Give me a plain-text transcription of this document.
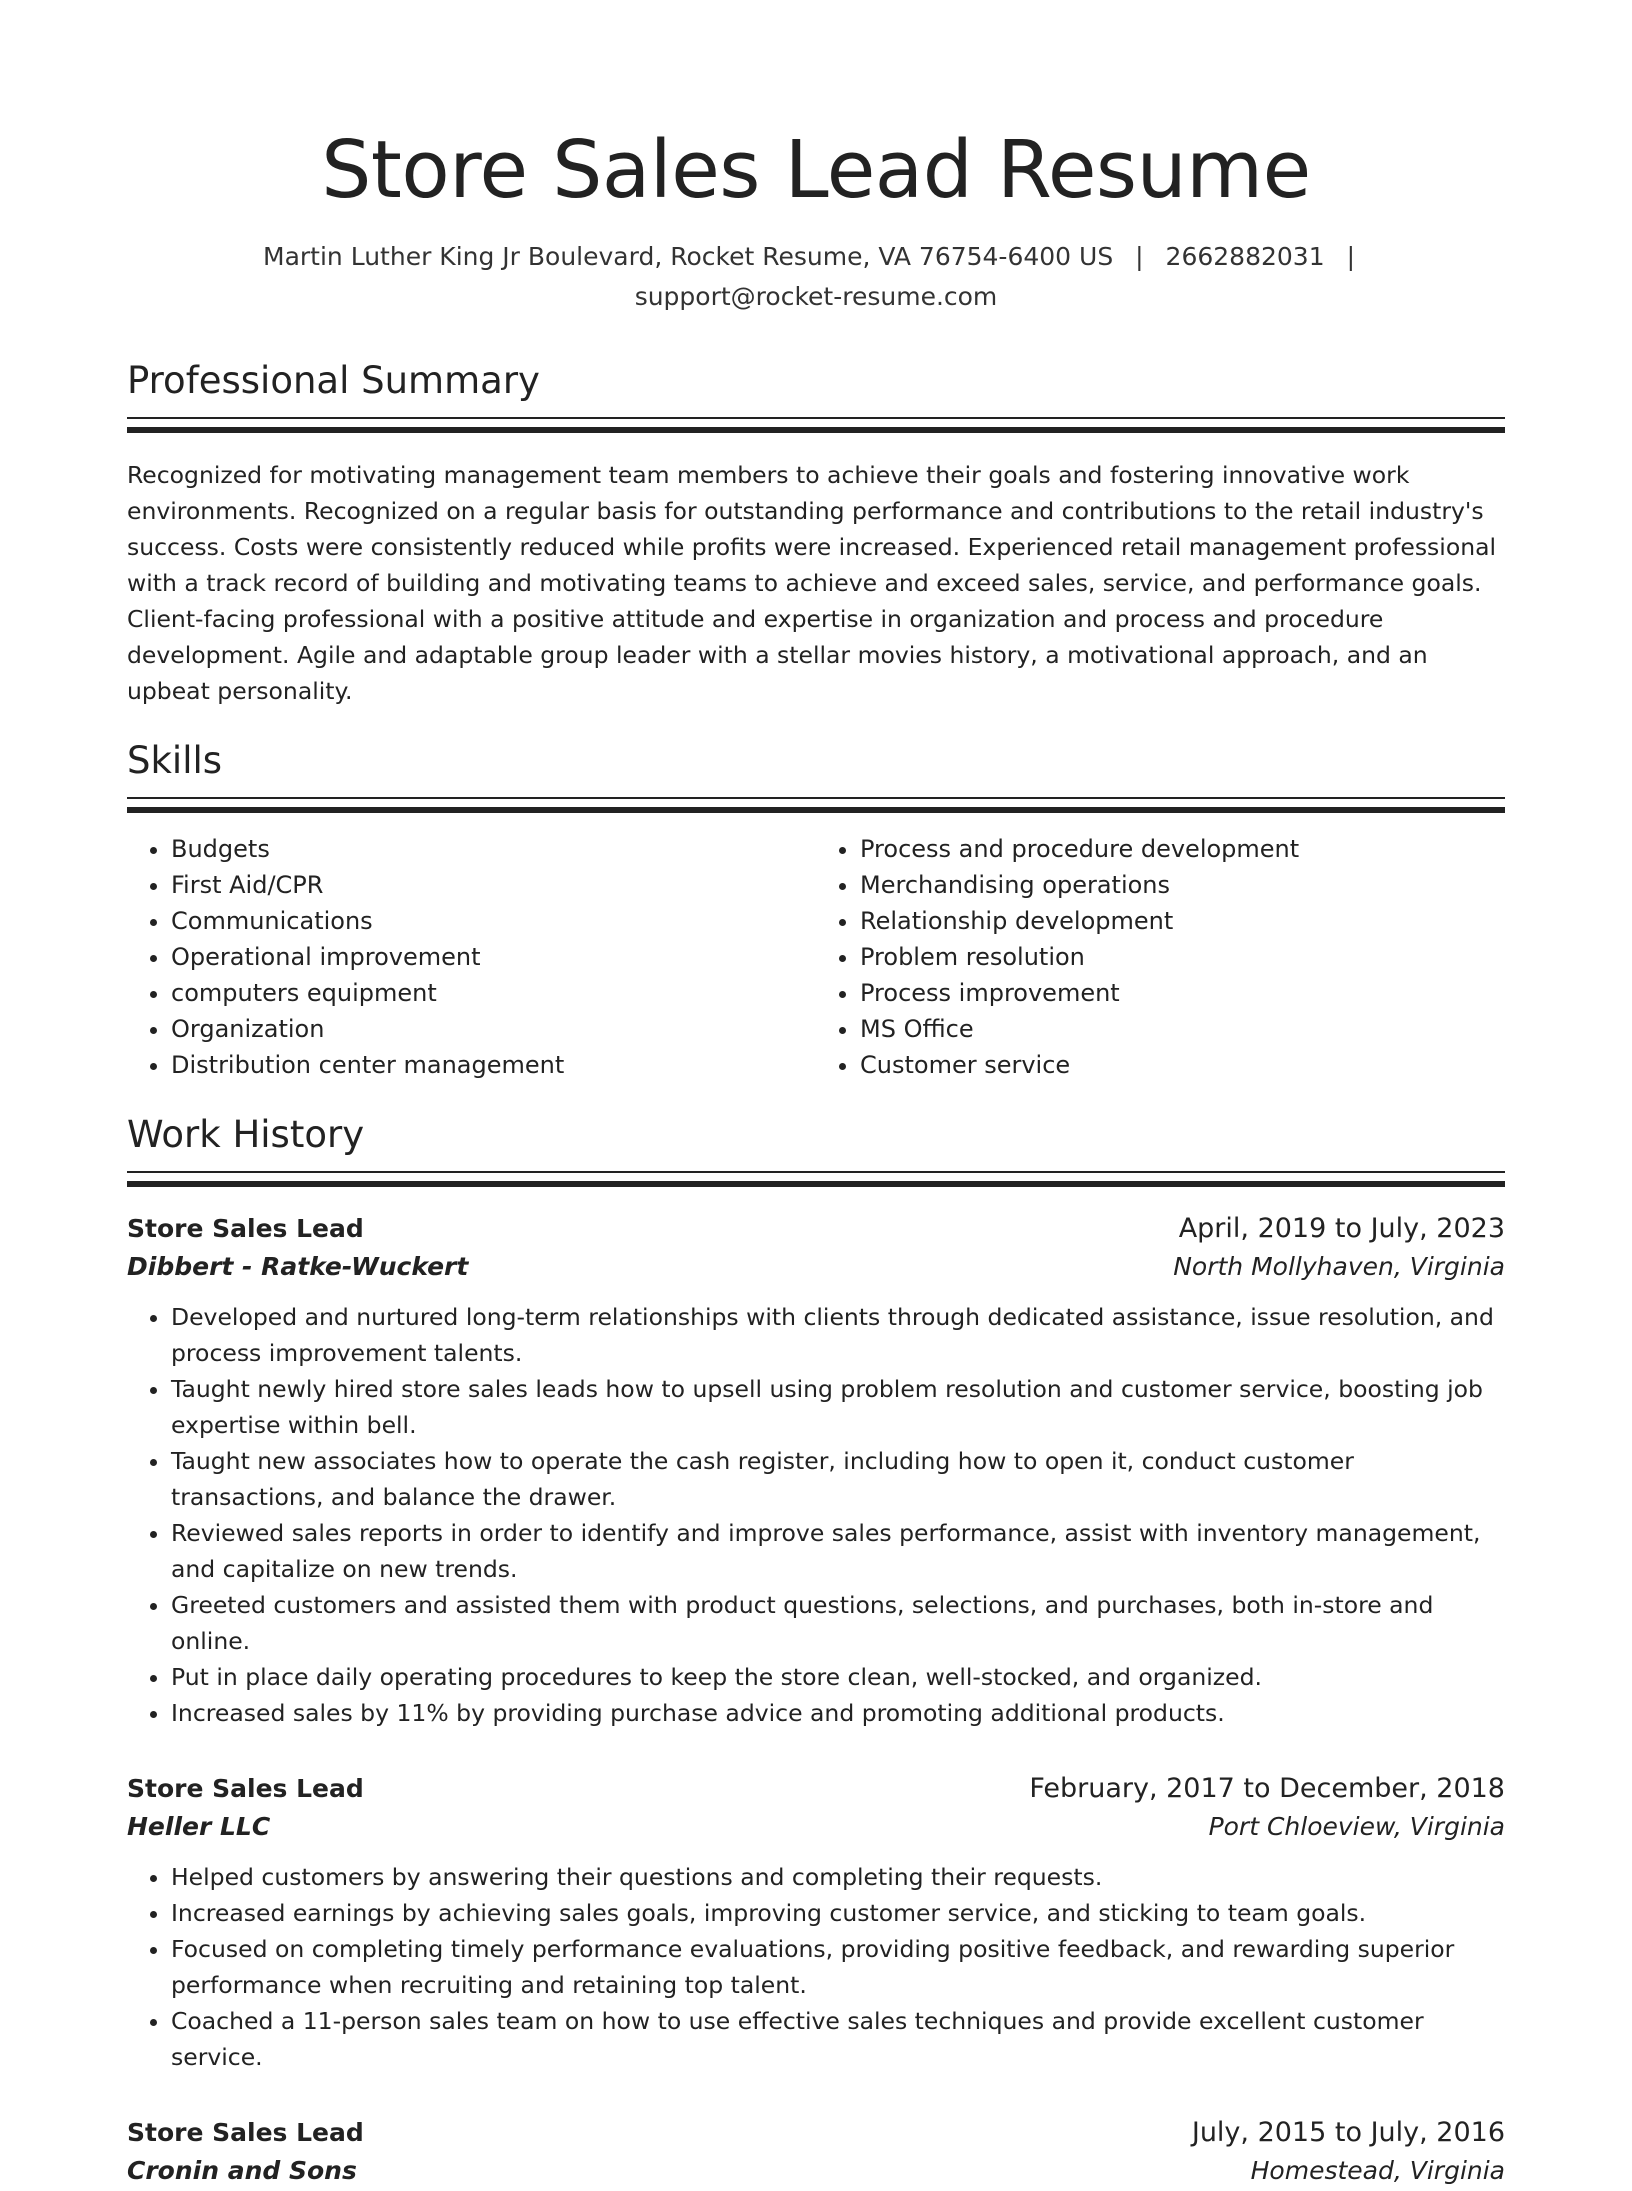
Store Sales Lead Resume
Martin Luther King Jr Boulevard, Rocket Resume, VA 76754-6400 US | 2662882031 |
support@rocket-resume.com
Professional Summary

Recognized for motivating management team members to achieve their goals and fostering innovative work environments. Recognized on a regular basis for outstanding performance and contributions to the retail industry's success. Costs were consistently reduced while profits were increased. Experienced retail management professional with a track record of building and motivating teams to achieve and exceed sales, service, and performance goals. Client-facing professional with a positive attitude and expertise in organization and process and procedure development. Agile and adaptable group leader with a stellar movies history, a motivational approach, and an upbeat personality.

Skills
• Budgets
• First Aid/CPR
• Communications
• Operational improvement
• computers equipment
• Organization
• Distribution center management
• Process and procedure development
• Merchandising operations
• Relationship development
• Problem resolution
• Process improvement
• MS Office
• Customer service
Work History
Store Sales Lead	April, 2019 to July, 2023
Dibbert - Ratke-Wuckert	North Mollyhaven, Virginia
• Developed and nurtured long-term relationships with clients through dedicated assistance, issue resolution, and process improvement talents.
• Taught newly hired store sales leads how to upsell using problem resolution and customer service, boosting job expertise within bell.
• Taught new associates how to operate the cash register, including how to open it, conduct customer transactions, and balance the drawer.
• Reviewed sales reports in order to identify and improve sales performance, assist with inventory management, and capitalize on new trends.
• Greeted customers and assisted them with product questions, selections, and purchases, both in-store and online.
• Put in place daily operating procedures to keep the store clean, well-stocked, and organized.
• Increased sales by 11% by providing purchase advice and promoting additional products.
Store Sales Lead	February, 2017 to December, 2018
Heller LLC	Port Chloeview, Virginia
• Helped customers by answering their questions and completing their requests.
• Increased earnings by achieving sales goals, improving customer service, and sticking to team goals.
• Focused on completing timely performance evaluations, providing positive feedback, and rewarding superior performance when recruiting and retaining top talent.
• Coached a 11-person sales team on how to use effective sales techniques and provide excellent customer service.
Store Sales Lead	July, 2015 to July, 2016
Cronin and Sons	Homestead, Virginia
